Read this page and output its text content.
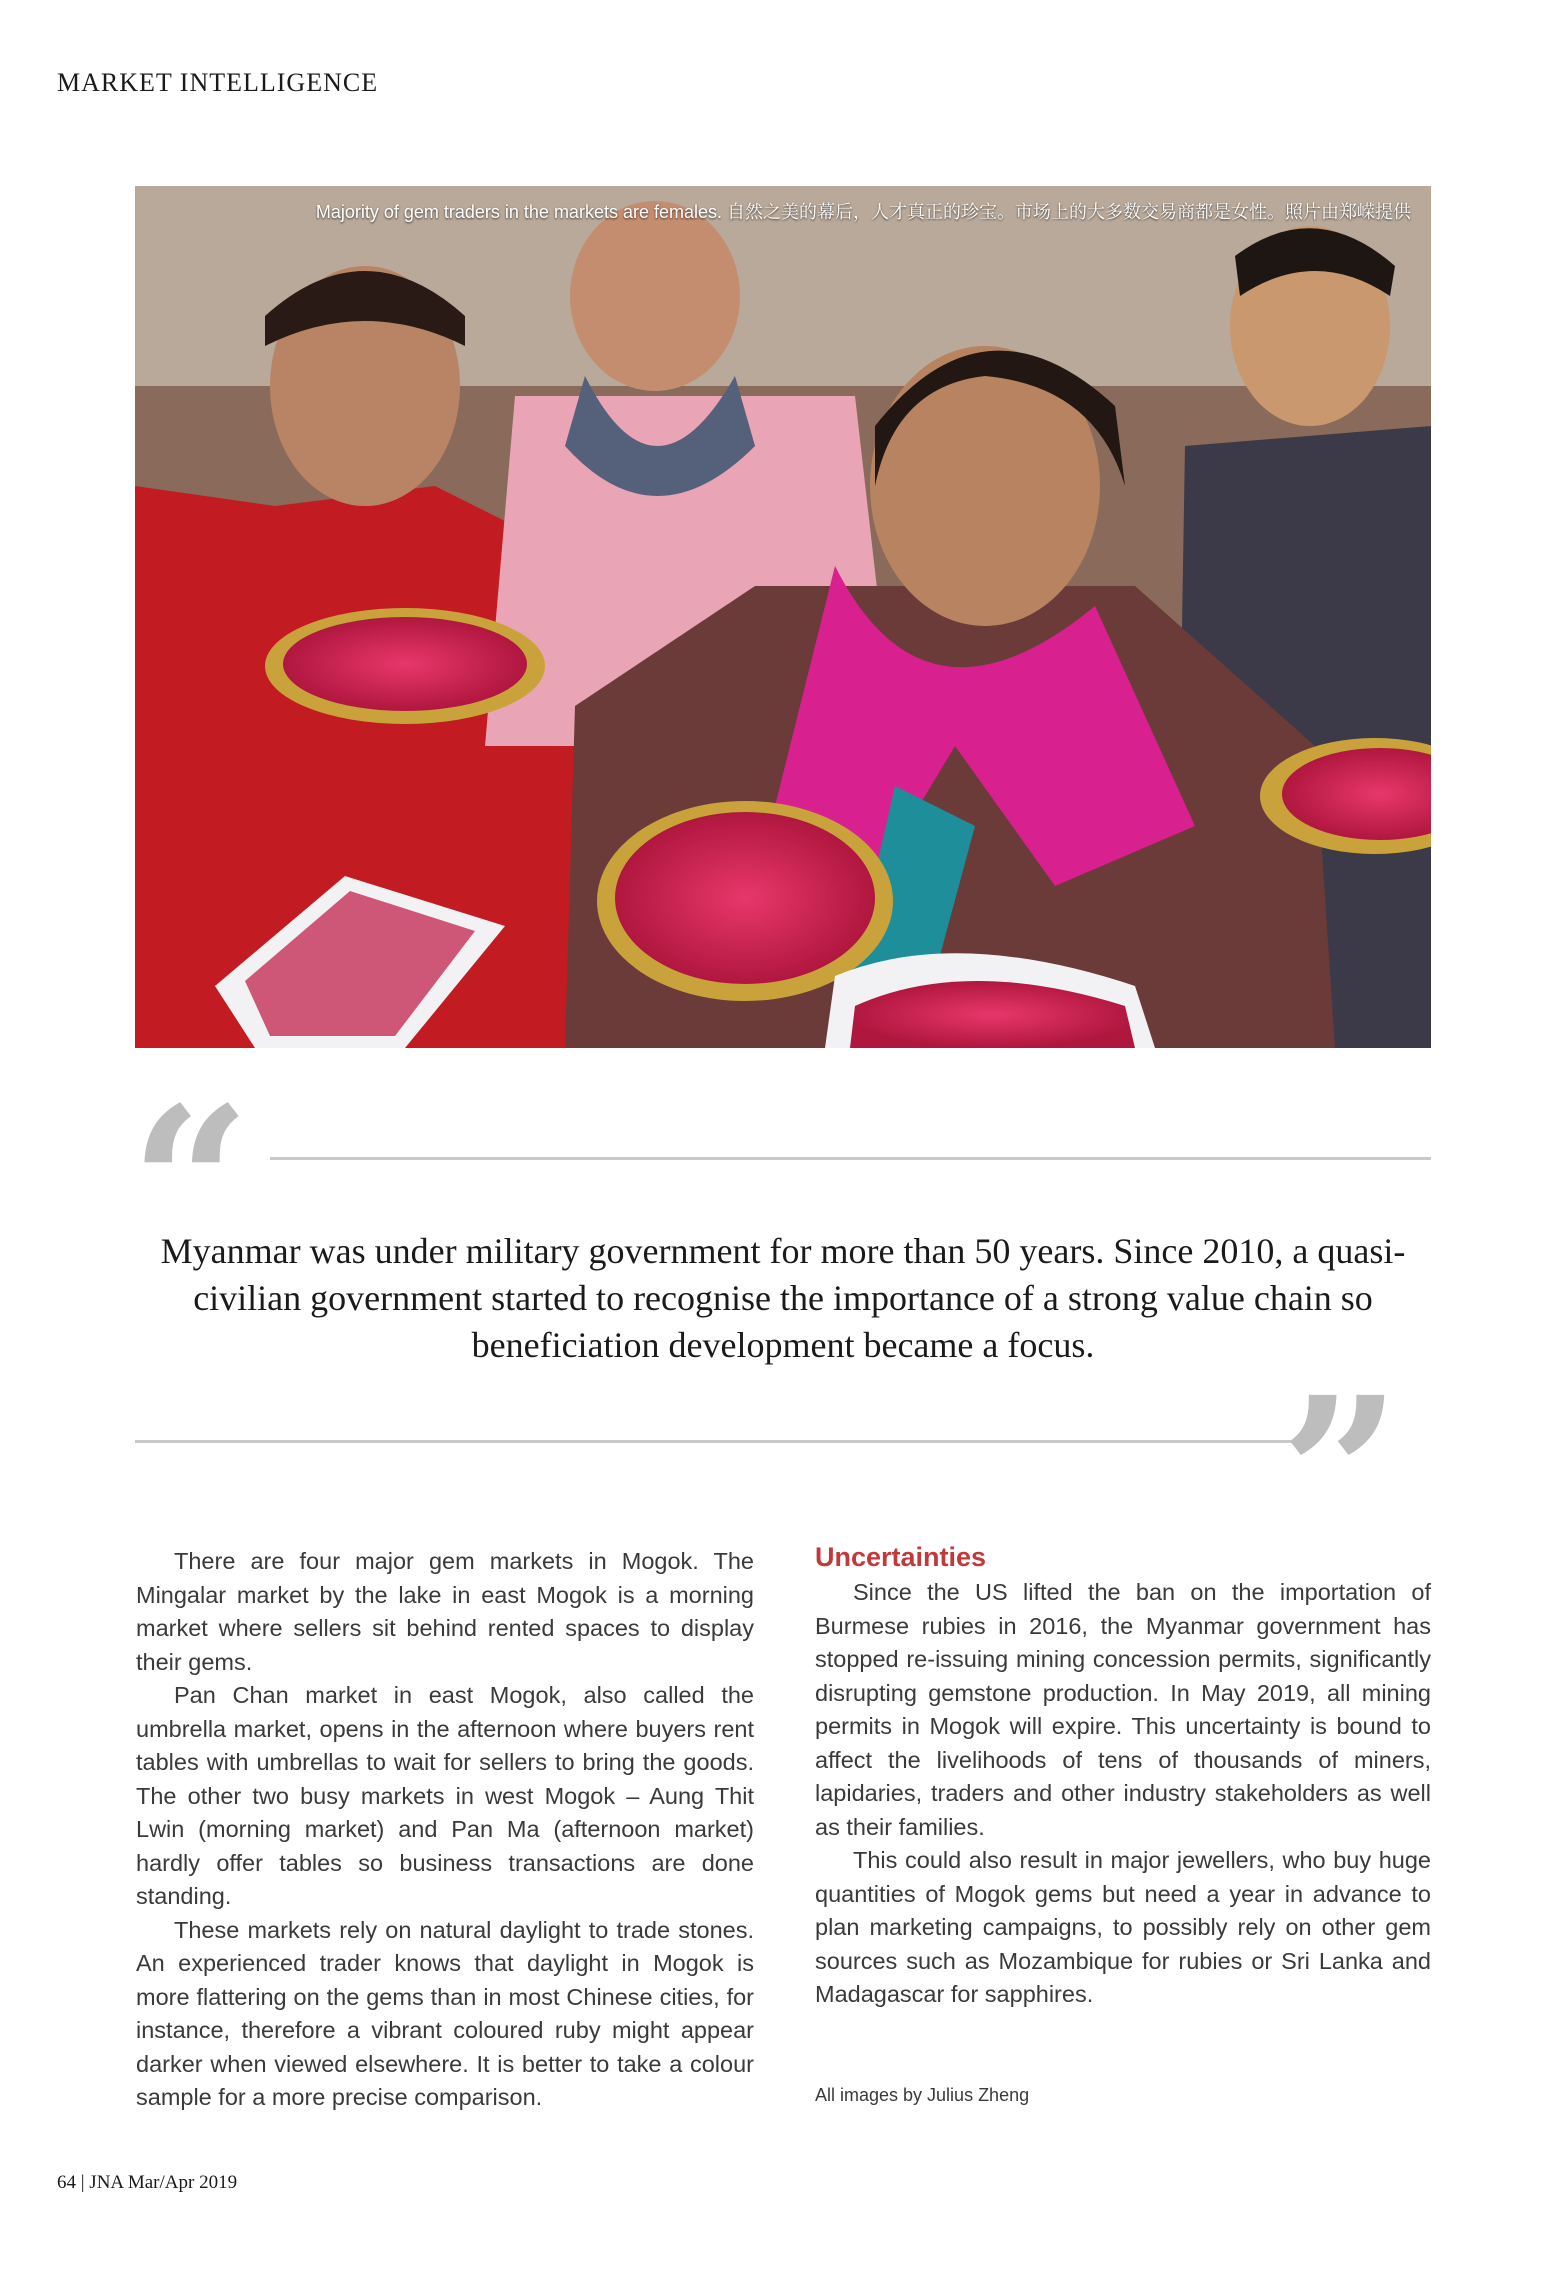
MARKET INTELLIGENCE
Majority of gem traders in the markets are females. 自然之美的幕后，人才真正的珍宝。市场上的大多数交易商都是女性。照片由郑嵘提供
“
Myanmar was under military government for more than 50 years. Since 2010, a quasi-civilian government started to recognise the importance of a strong value chain so beneficiation development became a focus.
”

There are four major gem markets in Mogok. The Mingalar market by the lake in east Mogok is a morning market where sellers sit behind rented spaces to display their gems.

Pan Chan market in east Mogok, also called the umbrella market, opens in the afternoon where buyers rent tables with umbrellas to wait for sellers to bring the goods. The other two busy markets in west Mogok – Aung Thit Lwin (morning market) and Pan Ma (afternoon market) hardly offer tables so business transactions are done standing.

These markets rely on natural daylight to trade stones. An experienced trader knows that daylight in Mogok is more flattering on the gems than in most Chinese cities, for instance, therefore a vibrant coloured ruby might appear darker when viewed elsewhere. It is better to take a colour sample for a more precise comparison.

Uncertainties

Since the US lifted the ban on the importation of Burmese rubies in 2016, the Myanmar government has stopped re-issuing mining concession permits, significantly disrupting gemstone production. In May 2019, all mining permits in Mogok will expire. This uncertainty is bound to affect the livelihoods of tens of thousands of miners, lapidaries, traders and other industry stakeholders as well as their families.

This could also result in major jewellers, who buy huge quantities of Mogok gems but need a year in advance to plan marketing campaigns, to possibly rely on other gem sources such as Mozambique for rubies or Sri Lanka and Madagascar for sapphires.

All images by Julius Zheng
64 | JNA Mar/Apr 2019
